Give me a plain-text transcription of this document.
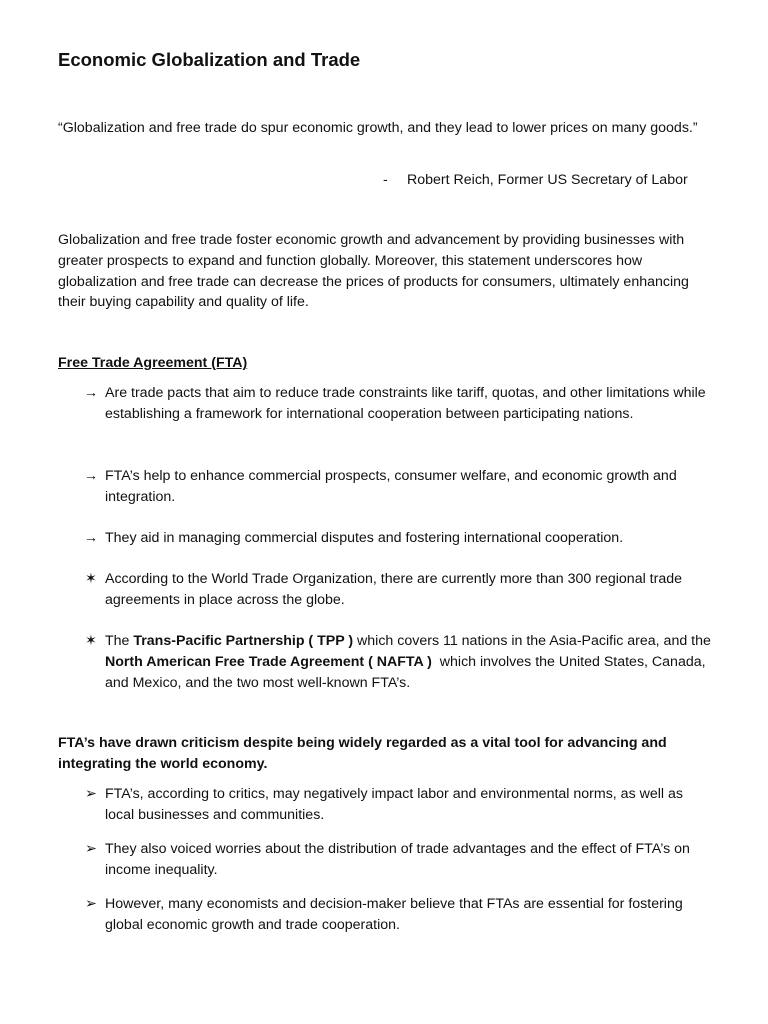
Economic Globalization and Trade

“Globalization and free trade do spur economic growth, and they lead to lower prices on many goods.”

- Robert Reich, Former US Secretary of Labor

Globalization and free trade foster economic growth and advancement by providing businesses with greater prospects to expand and function globally. Moreover, this statement underscores how globalization and free trade can decrease the prices of products for consumers, ultimately enhancing their buying capability and quality of life.

Free Trade Agreement (FTA)
→ Are trade pacts that aim to reduce trade constraints like tariff, quotas, and other limitations while establishing a framework for international cooperation between participating nations.
→ FTA’s help to enhance commercial prospects, consumer welfare, and economic growth and integration.
→ They aid in managing commercial disputes and fostering international cooperation.
✶ According to the World Trade Organization, there are currently more than 300 regional trade agreements in place across the globe.
✶ The Trans-Pacific Partnership ( TPP ) which covers 11 nations in the Asia-Pacific area, and the North American Free Trade Agreement ( NAFTA )  which involves the United States, Canada, and Mexico, and the two most well-known FTA’s.

FTA’s have drawn criticism despite being widely regarded as a vital tool for advancing and integrating the world economy.

➢ FTA’s, according to critics, may negatively impact labor and environmental norms, as well as local businesses and communities.
➢ They also voiced worries about the distribution of trade advantages and the effect of FTA’s on income inequality.
➢ However, many economists and decision-maker believe that FTAs are essential for fostering global economic growth and trade cooperation.
